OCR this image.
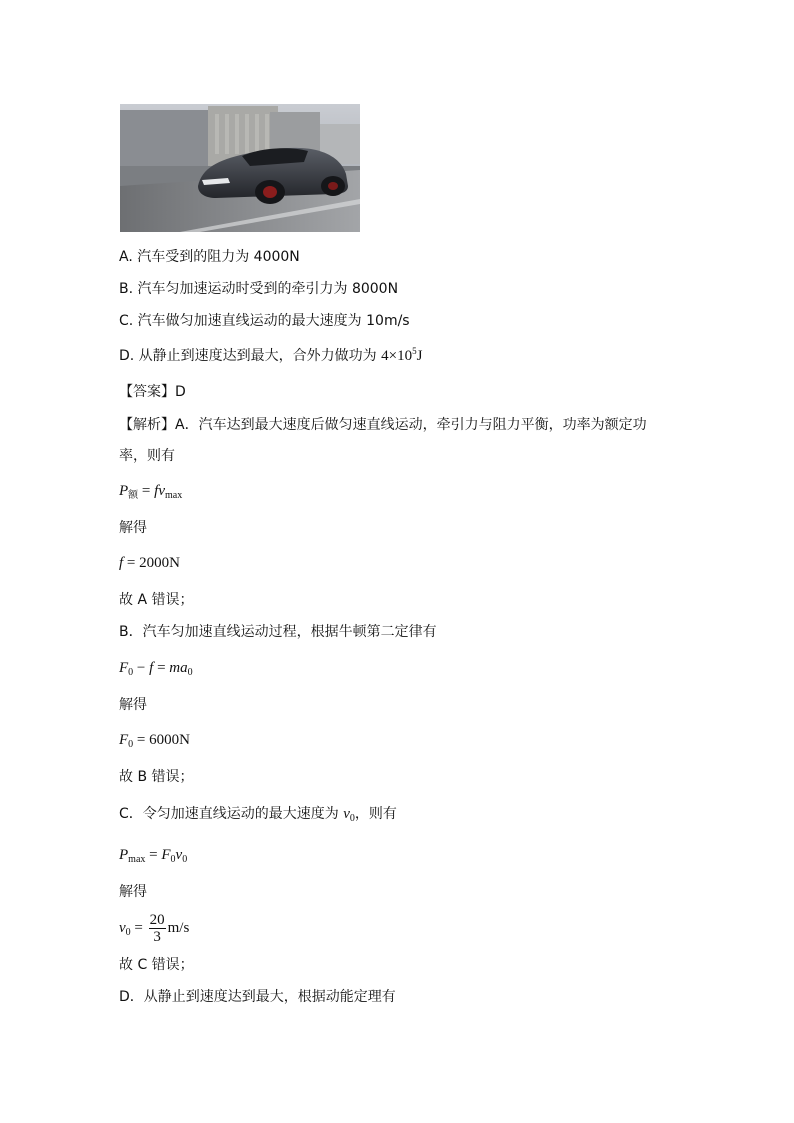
A. 汽车受到的阻力为 4000N
B. 汽车匀加速运动时受到的牵引力为 8000N
C. 汽车做匀加速直线运动的最大速度为 10m/s
D. 从静止到速度达到最大，合外力做功为 $4\times 10^5J$
【答案】D
【解析】A．汽车达到最大速度后做匀速直线运动，牵引力与阻力平衡，功率为额定功
率，则有
$P_额 = fv_{max}$
解得
f = 2000N
故 A 错误；
B．汽车匀加速直线运动过程，根据牛顿第二定律有
$F_0 - f = ma_0$
解得
$F_0 = 6000N$
故 B 错误；
C．令匀加速直线运动的最大速度为 $v_0$，则有
$P_{max} = F_0v_0$
解得
$v_0 = \frac{20}{3} m/s$
故 C 错误；
D．从静止到速度达到最大，根据动能定理有
